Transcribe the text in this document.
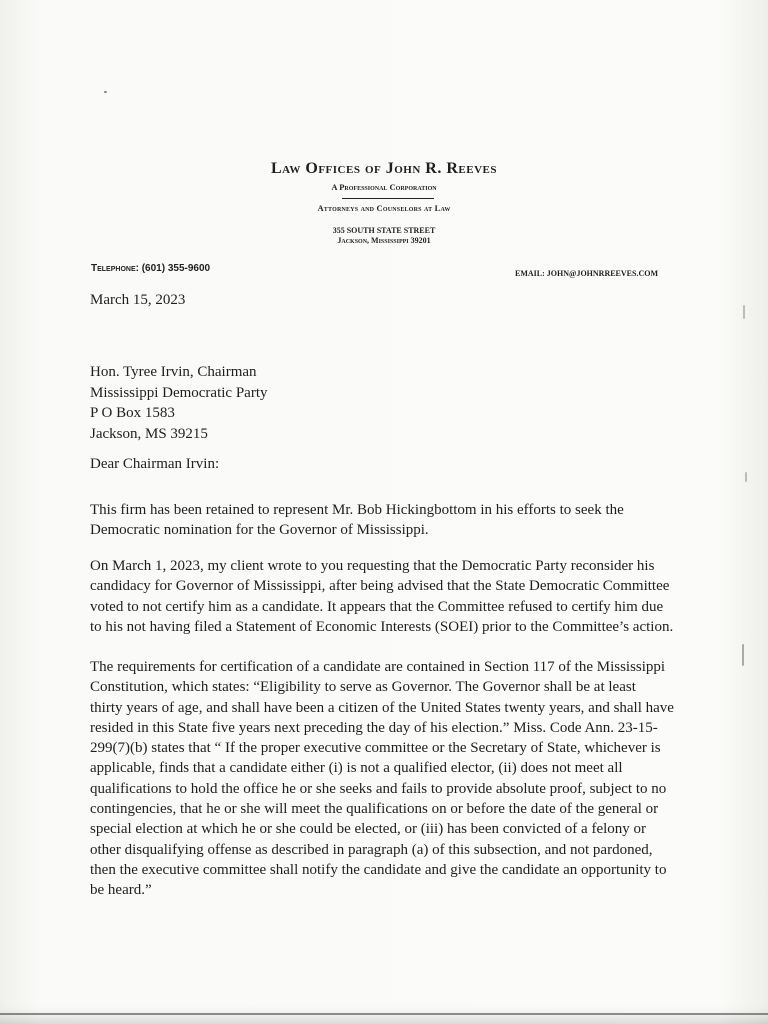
Law Offices of John R. Reeves
A Professional Corporation
Attorneys and Counselors at Law
355 SOUTH STATE STREET
Jackson, Mississippi 39201
Telephone: (601) 355-9600	EMAIL: JOHN@JOHNRREEVES.COM
March 15, 2023
Hon. Tyree Irvin, Chairman
Mississippi Democratic Party
P O Box 1583
Jackson, MS 39215
Dear Chairman Irvin:
This firm has been retained to represent Mr. Bob Hickingbottom in his efforts to seek the
Democratic nomination for the Governor of Mississippi.
On March 1, 2023, my client wrote to you requesting that the Democratic Party reconsider his
candidacy for Governor of Mississippi, after being advised that the State Democratic Committee
voted to not certify him as a candidate. It appears that the Committee refused to certify him due
to his not having filed a Statement of Economic Interests (SOEI) prior to the Committee’s action.
The requirements for certification of a candidate are contained in Section 117 of the Mississippi
Constitution, which states: “Eligibility to serve as Governor. The Governor shall be at least
thirty years of age, and shall have been a citizen of the United States twenty years, and shall have
resided in this State five years next preceding the day of his election.” Miss. Code Ann. 23-15-
299(7)(b) states that “ If the proper executive committee or the Secretary of State, whichever is
applicable, finds that a candidate either (i) is not a qualified elector, (ii) does not meet all
qualifications to hold the office he or she seeks and fails to provide absolute proof, subject to no
contingencies, that he or she will meet the qualifications on or before the date of the general or
special election at which he or she could be elected, or (iii) has been convicted of a felony or
other disqualifying offense as described in paragraph (a) of this subsection, and not pardoned,
then the executive committee shall notify the candidate and give the candidate an opportunity to
be heard.”
